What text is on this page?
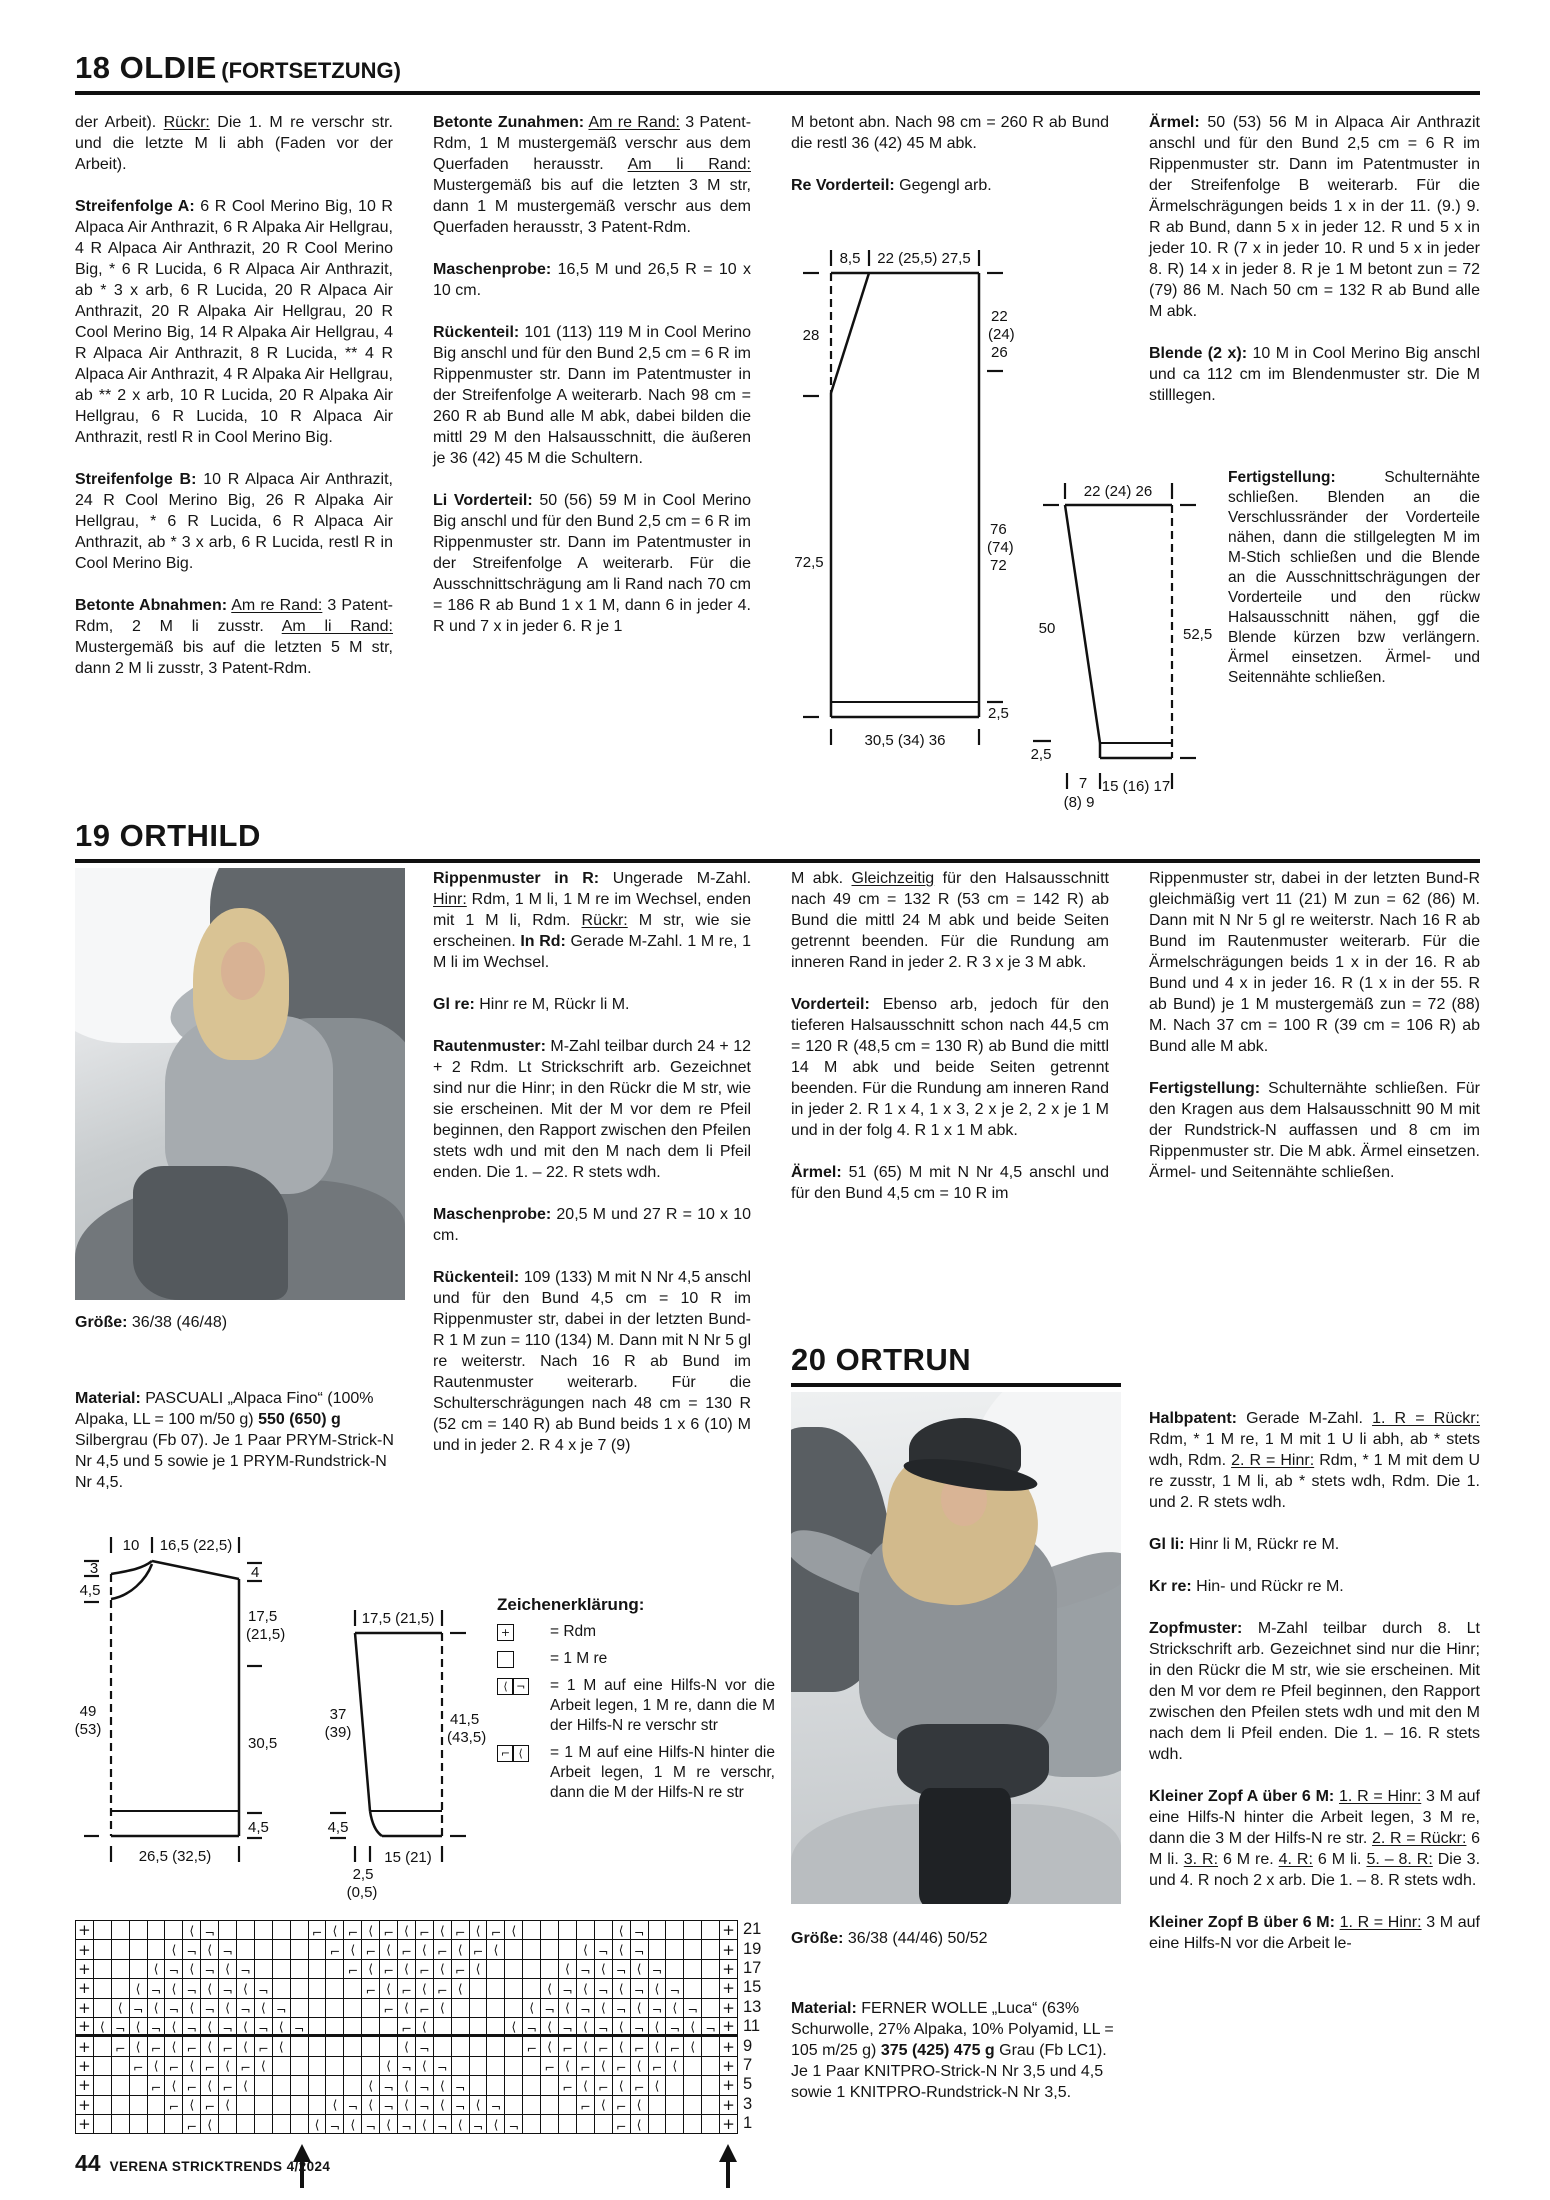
18 OLDIE (FORTSETZUNG)

der Arbeit). Rückr: Die 1. M re verschr str. und die letzte M li abh (Faden vor der Arbeit).

Streifenfolge A: 6 R Cool Merino Big, 10 R Alpaca Air Anthrazit, 6 R Alpaka Air Hellgrau, 4 R Alpaca Air Anthrazit, 20 R Cool Merino Big, * 6 R Lucida, 6 R Alpaca Air Anthrazit, ab * 3 x arb, 6 R Lucida, 20 R Alpaca Air Anthrazit, 20 R Alpaka Air Hellgrau, 20 R Cool Merino Big, 14 R Alpaka Air Hellgrau, 4 R Alpaca Air Anthrazit, 8 R Lucida, ** 4 R Alpaca Air Anthrazit, 4 R Alpaka Air Hellgrau, ab ** 2 x arb, 10 R Lucida, 20 R Alpaka Air Hellgrau, 6 R Lucida, 10 R Alpaca Air Anthrazit, restl R in Cool Merino Big.

Streifenfolge B: 10 R Alpaca Air Anthrazit, 24 R Cool Merino Big, 26 R Alpaka Air Hellgrau, * 6 R Lucida, 6 R Alpaca Air Anthrazit, ab * 3 x arb, 6 R Lucida, restl R in Cool Merino Big.

Betonte Abnahmen: Am re Rand: 3 Patent-Rdm, 2 M li zusstr. Am li Rand: Mustergemäß bis auf die letzten 5 M str, dann 2 M li zusstr, 3 Patent-Rdm.

Betonte Zunahmen: Am re Rand: 3 Patent-Rdm, 1 M mustergemäß verschr aus dem Querfaden herausstr. Am li Rand: Mustergemäß bis auf die letzten 3 M str, dann 1 M mustergemäß verschr aus dem Querfaden herausstr, 3 Patent-Rdm.

Maschenprobe: 16,5 M und 26,5 R = 10 x 10 cm.

Rückenteil: 101 (113) 119 M in Cool Merino Big anschl und für den Bund 2,5 cm = 6 R im Rippenmuster str. Dann im Patentmuster in der Streifenfolge A weiterarb. Nach 98 cm = 260 R ab Bund alle M abk, dabei bilden die mittl 29 M den Halsausschnitt, die äußeren je 36 (42) 45 M die Schultern.

Li Vorderteil: 50 (56) 59 M in Cool Merino Big anschl und für den Bund 2,5 cm = 6 R im Rippenmuster str. Dann im Patentmuster in der Streifenfolge A weiterarb. Für die Ausschnittschrägung am li Rand nach 70 cm = 186 R ab Bund 1 x 1 M, dann 6 in jeder 4. R und 7 x in jeder 6. R je 1

M betont abn. Nach 98 cm = 260 R ab Bund die restl 36 (42) 45 M abk.

Re Vorderteil: Gegengl arb.

Ärmel: 50 (53) 56 M in Alpaca Air Anthrazit anschl und für den Bund 2,5 cm = 6 R im Rippenmuster str. Dann im Patentmuster in der Streifenfolge B weiterarb. Für die Ärmelschrägungen beids 1 x in der 11. (9.) 9. R ab Bund, dann 5 x in jeder 12. R und 5 x in jeder 10. R (7 x in jeder 10. R und 5 x in jeder 8. R) 14 x in jeder 8. R je 1 M betont zun = 72 (79) 86 M. Nach 50 cm = 132 R ab Bund alle M abk.

Blende (2 x): 10 M in Cool Merino Big anschl und ca 112 cm im Blendenmuster str. Die M stilllegen.

Fertigstellung: Schulternähte schließen. Blenden an die Verschlussränder der Vorderteile nähen, dann die stillgelegten M im M-Stich schließen und die Blende an die Ausschnittschrägungen der Vorderteile und den rückw Halsausschnitt nähen, ggf die Blende kürzen bzw verlängern. Ärmel einsetzen. Ärmel- und Seitennähte schließen.

8,5 22 (25,5) 27,5
28
72,5
22
(24)
26
76
(74)
72
2,5
30,5 (34) 36
22 (24) 26
50
2,5
52,5
7
(8) 9
15 (16) 17
19 ORTHILD

Größe: 36/38 (46/48)

Material: PASCUALI „Alpaca Fino“ (100% Alpaka, LL = 100 m/50 g) 550 (650) g Silbergrau (Fb 07). Je 1 Paar PRYM-Strick-N Nr 4,5 und 5 sowie je 1 PRYM-Rundstrick-N Nr 4,5.

Rippenmuster in R: Ungerade M-Zahl. Hinr: Rdm, 1 M li, 1 M re im Wechsel, enden mit 1 M li, Rdm. Rückr: M str, wie sie erscheinen. In Rd: Gerade M-Zahl. 1 M re, 1 M li im Wechsel.

Gl re: Hinr re M, Rückr li M.

Rautenmuster: M-Zahl teilbar durch 24 + 12 + 2 Rdm. Lt Strickschrift arb. Gezeichnet sind nur die Hinr; in den Rückr die M str, wie sie erscheinen. Mit der M vor dem re Pfeil beginnen, den Rapport zwischen den Pfeilen stets wdh und mit den M nach dem li Pfeil enden. Die 1. – 22. R stets wdh.

Maschenprobe: 20,5 M und 27 R = 10 x 10 cm.

Rückenteil: 109 (133) M mit N Nr 4,5 anschl und für den Bund 4,5 cm = 10 R im Rippenmuster str, dabei in der letzten Bund-R 1 M zun = 110 (134) M. Dann mit N Nr 5 gl re weiterstr. Nach 16 R ab Bund im Rautenmuster weiterarb. Für die Schulterschrägungen nach 48 cm = 130 R (52 cm = 140 R) ab Bund beids 1 x 6 (10) M und in jeder 2. R 4 x je 7 (9)

M abk. Gleichzeitig für den Halsausschnitt nach 49 cm = 132 R (53 cm = 142 R) ab Bund die mittl 24 M abk und beide Seiten getrennt beenden. Für die Rundung am inneren Rand in jeder 2. R 3 x je 3 M abk.

Vorderteil: Ebenso arb, jedoch für den tieferen Halsausschnitt schon nach 44,5 cm = 120 R (48,5 cm = 130 R) ab Bund die mittl 14 M abk und beide Seiten getrennt beenden. Für die Rundung am inneren Rand in jeder 2. R 1 x 4, 1 x 3, 2 x je 2, 2 x je 1 M und in der folg 4. R 1 x 1 M abk.

Ärmel: 51 (65) M mit N Nr 4,5 anschl und für den Bund 4,5 cm = 10 R im

Rippenmuster str, dabei in der letzten Bund-R gleichmäßig vert 11 (21) M zun = 62 (86) M. Dann mit N Nr 5 gl re weiterstr. Nach 16 R ab Bund im Rautenmuster weiterarb. Für die Ärmelschrägungen beids 1 x in der 16. R ab Bund und 4 x in jeder 16. R (1 x in der 55. R ab Bund) je 1 M mustergemäß zun = 72 (88) M. Nach 37 cm = 100 R (39 cm = 106 R) ab Bund alle M abk.

Fertigstellung: Schulternähte schließen. Für den Kragen aus dem Halsausschnitt 90 M mit der Rundstrick-N auffassen und 8 cm im Rippenmuster str. Die M abk. Ärmel einsetzen. Ärmel- und Seitennähte schließen.

10 16,5 (22,5)
3
4,5
49
(53)
4
17,5
(21,5)
30,5
4,5
26,5 (32,5)
17,5 (21,5)
37
(39)
4,5
41,5
(43,5)
2,5
(0,5)
15 (21)
Zeichenerklärung:
+	= Rdm
= 1 M re
⟨ ¬ = 1 M auf eine Hilfs-N vor die Arbeit legen, 1 M re, dann die M der Hilfs-N re verschr str
⌐ ⟨	= 1 M auf eine Hilfs-N hinter die Arbeit legen, 1 M re verschr, dann die M der Hilfs-N re str
20 ORTRUN

Größe: 36/38 (44/46) 50/52

Material: FERNER WOLLE „Luca“ (63% Schurwolle, 27% Alpaka, 10% Polyamid, LL = 105 m/25 g) 375 (425) 475 g Grau (Fb LC1). Je 1 Paar KNITPRO-Strick-N Nr 3,5 und 4,5 sowie 1 KNITPRO-Rundstrick-N Nr 3,5.

Halbpatent: Gerade M-Zahl. 1. R = Rückr: Rdm, * 1 M re, 1 M mit 1 U li abh, ab * stets wdh, Rdm. 2. R = Hinr: Rdm, * 1 M mit dem U re zusstr, 1 M li, ab * stets wdh, Rdm. Die 1. und 2. R stets wdh.

Gl li: Hinr li M, Rückr re M.

Kr re: Hin- und Rückr re M.

Zopfmuster: M-Zahl teilbar durch 8. Lt Strickschrift arb. Gezeichnet sind nur die Hinr; in den Rückr die M str, wie sie erscheinen. Mit den M vor dem re Pfeil beginnen, den Rapport zwischen den Pfeilen stets wdh und mit den M nach dem li Pfeil enden. Die 1. – 16. R stets wdh.

Kleiner Zopf A über 6 M: 1. R = Hinr: 3 M auf eine Hilfs-N hinter die Arbeit legen, 3 M re, dann die 3 M der Hilfs-N re str. 2. R = Rückr: 6 M li. 3. R: 6 M re. 4. R: 6 M li. 5. – 8. R: Die 3. und 4. R noch 2 x arb. Die 1. – 8. R stets wdh.

Kleiner Zopf B über 6 M: 1. R = Hinr: 3 M auf eine Hilfs-N vor die Arbeit le-

+
⟨
¬
⌐
⟨
⌐
⟨
⌐
⟨
⌐
⟨
⌐
⟨
⌐
⟨
⟨
¬
+
+
⟨
¬
⟨
¬
⌐
⟨
⌐
⟨
⌐
⟨
⌐
⟨
⌐
⟨
⟨
¬
⟨
¬
+
+
⟨
¬
⟨
¬
⟨
¬
⌐
⟨
⌐
⟨
⌐
⟨
⌐
⟨
⟨
¬
⟨
¬
⟨
¬
+
+
⟨
¬
⟨
¬
⟨
¬
⟨
¬
⌐
⟨
⌐
⟨
⌐
⟨
⟨
¬
⟨
¬
⟨
¬
⟨
¬
+
+
⟨
¬
⟨
¬
⟨
¬
⟨
¬
⟨
¬
⌐
⟨
⌐
⟨
⟨
¬
⟨
¬
⟨
¬
⟨
¬
⟨
¬
+
+
⟨
¬
⟨
¬
⟨
¬
⟨
¬
⟨
¬
⟨
¬
⌐
⟨
⟨
¬
⟨
¬
⟨
¬
⟨
¬
⟨
¬
⟨
¬
+
+
⌐
⟨
⌐
⟨
⌐
⟨
⌐
⟨
⌐
⟨
⟨
¬
⌐
⟨
⌐
⟨
⌐
⟨
⌐
⟨
⌐
⟨
+
+
⌐
⟨
⌐
⟨
⌐
⟨
⌐
⟨
⟨
¬
⟨
¬
⌐
⟨
⌐
⟨
⌐
⟨
⌐
⟨
+
+
⌐
⟨
⌐
⟨
⌐
⟨
⟨
¬
⟨
¬
⟨
¬
⌐
⟨
⌐
⟨
⌐
⟨
+
+
⌐
⟨
⌐
⟨
⟨
¬
⟨
¬
⟨
¬
⟨
¬
⟨
¬
⌐
⟨
⌐
⟨
+
+
⌐
⟨
⟨
¬
⟨
¬
⟨
¬
⟨
¬
⟨
¬
⟨
¬
⌐
⟨
+
21
19
17
15
13
11
9
7
5
3
1
44 VERENA STRICKTRENDS 4/2024
